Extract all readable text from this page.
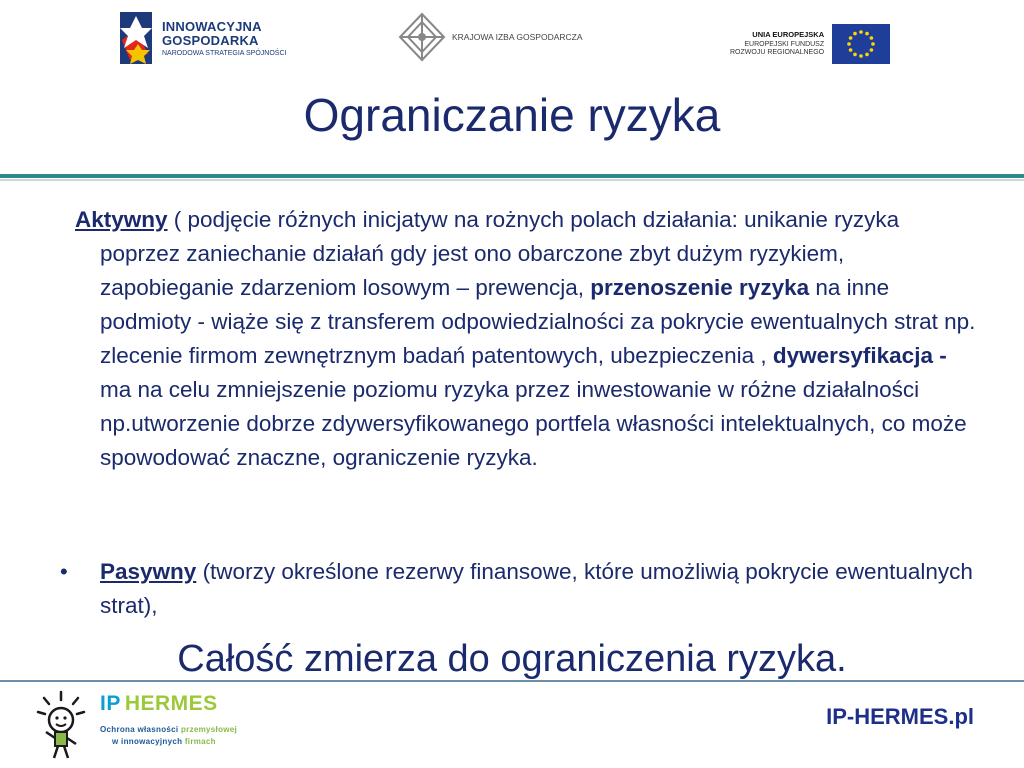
INNOWACYJNA
GOSPODARKA
NARODOWA STRATEGIA SPÓJNOŚCI
KRAJOWA IZBA GOSPODARCZA	UNIA EUROPEJSKA
EUROPEJSKI FUNDUSZ
ROZWOJU REGIONALNEGO
Ograniczanie ryzyka
Aktywny ( podjęcie różnych inicjatyw na rożnych polach działania: unikanie ryzyka poprzez zaniechanie działań gdy jest ono obarczone zbyt dużym ryzykiem, zapobieganie zdarzeniom losowym – prewencja, przenoszenie ryzyka na inne podmioty - wiąże się z transferem odpowiedzialności za pokrycie ewentualnych strat np. zlecenie firmom zewnętrznym badań patentowych, ubezpieczenia , dywersyfikacja - ma na celu zmniejszenie poziomu ryzyka przez inwestowanie w różne działalności np.utworzenie dobrze zdywersyfikowanego portfela własności intelektualnych, co może spowodować znaczne, ograniczenie ryzyka.
• Pasywny (tworzy określone rezerwy finansowe, które umożliwią pokrycie ewentualnych strat),
Całość zmierza do ograniczenia ryzyka.
IP HERMES
Ochrona własności przemysłowej
w innowacyjnych firmach
IP-HERMES.pl
